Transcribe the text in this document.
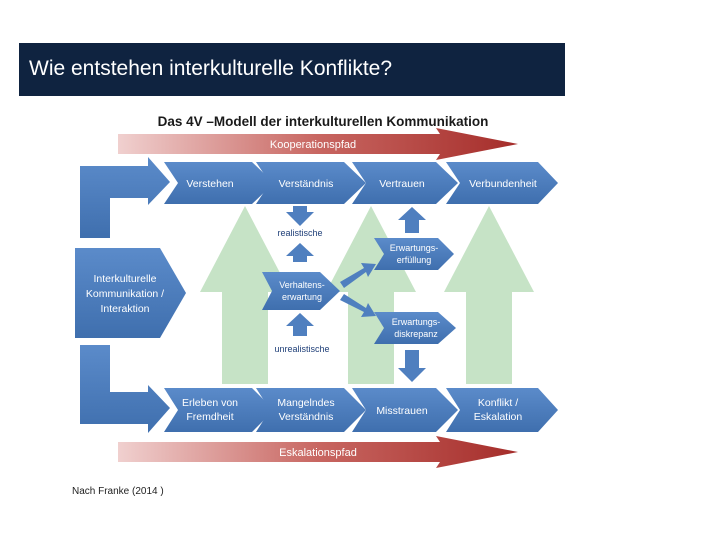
Wie entstehen interkulturelle Konflikte?
Das 4V –Modell der interkulturellen Kommunikation
Kooperationspfad
Eskalationspfad
Interkulturelle
Kommunikation /
Interaktion
Verstehen	Verständnis	Vertrauen	Verbundenheit
Erleben von
Fremdheit
Mangelndes
Verständnis	Misstrauen
Konflikt /
Eskalation
realistische
Verhaltens-
erwartung
unrealistische
Erwartungs-
erfüllung
Erwartungs-
diskrepanz
Nach Franke (2014 )
